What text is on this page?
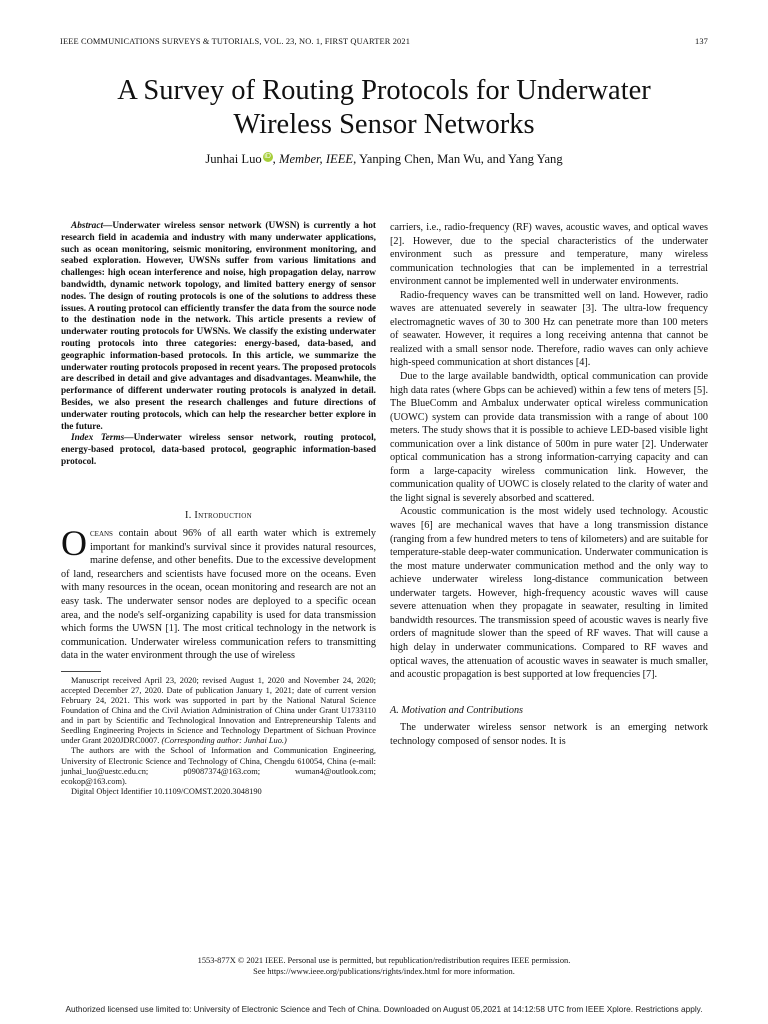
IEEE COMMUNICATIONS SURVEYS & TUTORIALS, VOL. 23, NO. 1, FIRST QUARTER 2021	137
A Survey of Routing Protocols for Underwater
Wireless Sensor Networks
Junhai Luo iD , Member, IEEE, Yanping Chen, Man Wu, and Yang Yang

Abstract—Underwater wireless sensor network (UWSN) is currently a hot research field in academia and industry with many underwater applications, such as ocean monitoring, seismic monitoring, environment monitoring, and seabed exploration. However, UWSNs suffer from various limitations and challenges: high ocean interference and noise, high propagation delay, narrow bandwidth, dynamic network topology, and limited battery energy of sensor nodes. The design of routing protocols is one of the solutions to address these issues. A routing protocol can efficiently transfer the data from the source node to the destination node in the network. This article presents a review of underwater routing protocols for UWSNs. We classify the existing underwater routing protocols into three categories: energy-based, data-based, and geographic information-based protocols. In this article, we summarize the underwater routing protocols proposed in recent years. The proposed protocols are described in detail and give advantages and disadvantages. Meanwhile, the performance of different underwater routing protocols is analyzed in detail. Besides, we also present the research challenges and future directions of underwater routing protocols, which can help the researcher better explore in the future.

Index Terms—Underwater wireless sensor network, routing protocol, energy-based protocol, data-based protocol, geographic information-based protocol.

I. Introduction

Oceans contain about 96% of all earth water which is extremely important for mankind's survival since it provides natural resources, marine defense, and other benefits. Due to the excessive development of land, researchers and scientists have focused more on the oceans. Even with many resources in the ocean, ocean monitoring and research are not an easy task. The underwater sensor nodes are deployed to a specific ocean area, and the node's self-organizing capability is used for data transmission which forms the UWSN [1]. The most critical technology in the network is communication. Underwater wireless communication refers to transmitting data in the water environment through the use of wireless

Manuscript received April 23, 2020; revised August 1, 2020 and November 24, 2020; accepted December 27, 2020. Date of publication January 1, 2021; date of current version February 24, 2021. This work was supported in part by the National Natural Science Foundation of China and the Civil Aviation Administration of China under Grant U1733110 and in part by Scientific and Technological Innovation and Entrepreneurship Talents and Seedling Engineering Projects in Science and Technology Department of Sichuan Province under Grant 2020JDRC0007. (Corresponding author: Junhai Luo.)

The authors are with the School of Information and Communication Engineering, University of Electronic Science and Technology of China, Chengdu 610054, China (e-mail: junhai_luo@uestc.edu.cn; p09087374@163.com; wuman4@outlook.com; ecokop@163.com).

Digital Object Identifier 10.1109/COMST.2020.3048190

carriers, i.e., radio-frequency (RF) waves, acoustic waves, and optical waves [2]. However, due to the special characteristics of the underwater environment such as pressure and temperature, many wireless communication technologies that can be implemented in a terrestrial environment cannot be implemented well in underwater environments.

Radio-frequency waves can be transmitted well on land. However, radio waves are attenuated severely in seawater [3]. The ultra-low frequency electromagnetic waves of 30 to 300 Hz can penetrate more than 100 meters of seawater. However, it requires a long receiving antenna that cannot be realized with a small sensor node. Therefore, radio waves can only achieve high-speed communication at short distances [4].

Due to the large available bandwidth, optical communication can provide high data rates (where Gbps can be achieved) within a few tens of meters [5]. The BlueComm and Ambalux underwater optical wireless communication (UOWC) system can provide data transmission with a range of about 100 meters. The study shows that it is possible to achieve LED-based visible light communication over a link distance of 500m in pure water [2]. Underwater optical communication has a strong information-carrying capacity and can form a large-capacity wireless communication link. However, the communication quality of UOWC is closely related to the clarity of water and the light signal is severely absorbed and scattered.

Acoustic communication is the most widely used technology. Acoustic waves [6] are mechanical waves that have a long transmission distance (ranging from a few hundred meters to tens of kilometers) and are suitable for temperature-stable deep-water communication. Underwater communication is the most mature underwater communication method and the only way to achieve underwater wireless long-distance communication between underwater targets. However, high-frequency acoustic waves will cause severe attenuation when they propagate in seawater, resulting in limited bandwidth resources. The transmission speed of acoustic waves is nearly five orders of magnitude slower than the speed of RF waves. That will cause a high delay in underwater communications. Compared to RF waves and optical waves, the attenuation of acoustic waves in seawater is much smaller, and acoustic propagation is best supported at low frequencies [7].

A. Motivation and Contributions

The underwater wireless sensor network is an emerging network technology composed of sensor nodes. It is

1553-877X © 2021 IEEE. Personal use is permitted, but republication/redistribution requires IEEE permission.
See https://www.ieee.org/publications/rights/index.html for more information.
Authorized licensed use limited to: University of Electronic Science and Tech of China. Downloaded on August 05,2021 at 14:12:58 UTC from IEEE Xplore. Restrictions apply.
